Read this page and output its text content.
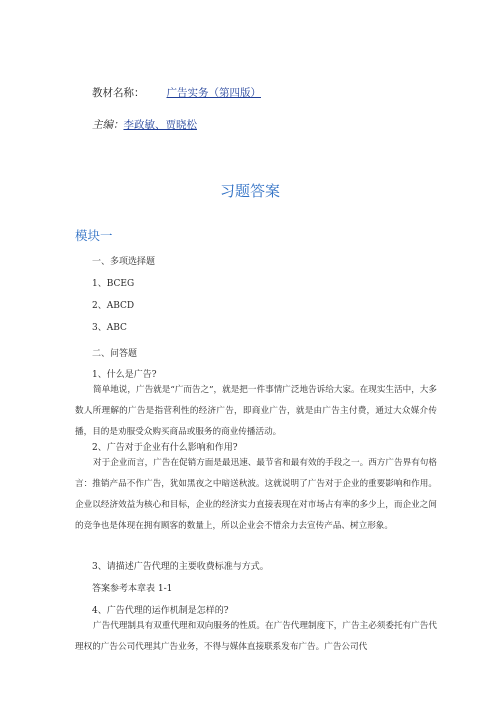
教材名称： 广告实务（第四版）
主编：李政敏、贾晓松
习题答案
模块一
一、多项选择题
1、BCEG
2、ABCD
3、ABC
二、问答题
1、什么是广告?

简单地说，广告就是“广而告之”，就是把一件事情广泛地告诉给大家。在现实生活中，大多数人所理解的广告是指营利性的经济广告，即商业广告，就是由广告主付费，通过大众媒介传播，目的是劝服受众购买商品或服务的商业传播活动。

2、广告对于企业有什么影响和作用?

对于企业而言，广告在促销方面是最迅速、最节省和最有效的手段之一。西方广告界有句格言：推销产品不作广告，犹如黑夜之中暗送秋波。这就说明了广告对于企业的重要影响和作用。企业以经济效益为核心和目标，企业的经济实力直接表现在对市场占有率的多少上，而企业之间的竞争也是体现在拥有顾客的数量上，所以企业会不惜余力去宣传产品、树立形象。

3、请描述广告代理的主要收费标准与方式。
答案参考本章表 1-1
4、广告代理的运作机制是怎样的?

广告代理制具有双重代理和双向服务的性质。在广告代理制度下，广告主必须委托有广告代理权的广告公司代理其广告业务，不得与媒体直接联系发布广告。广告公司代
